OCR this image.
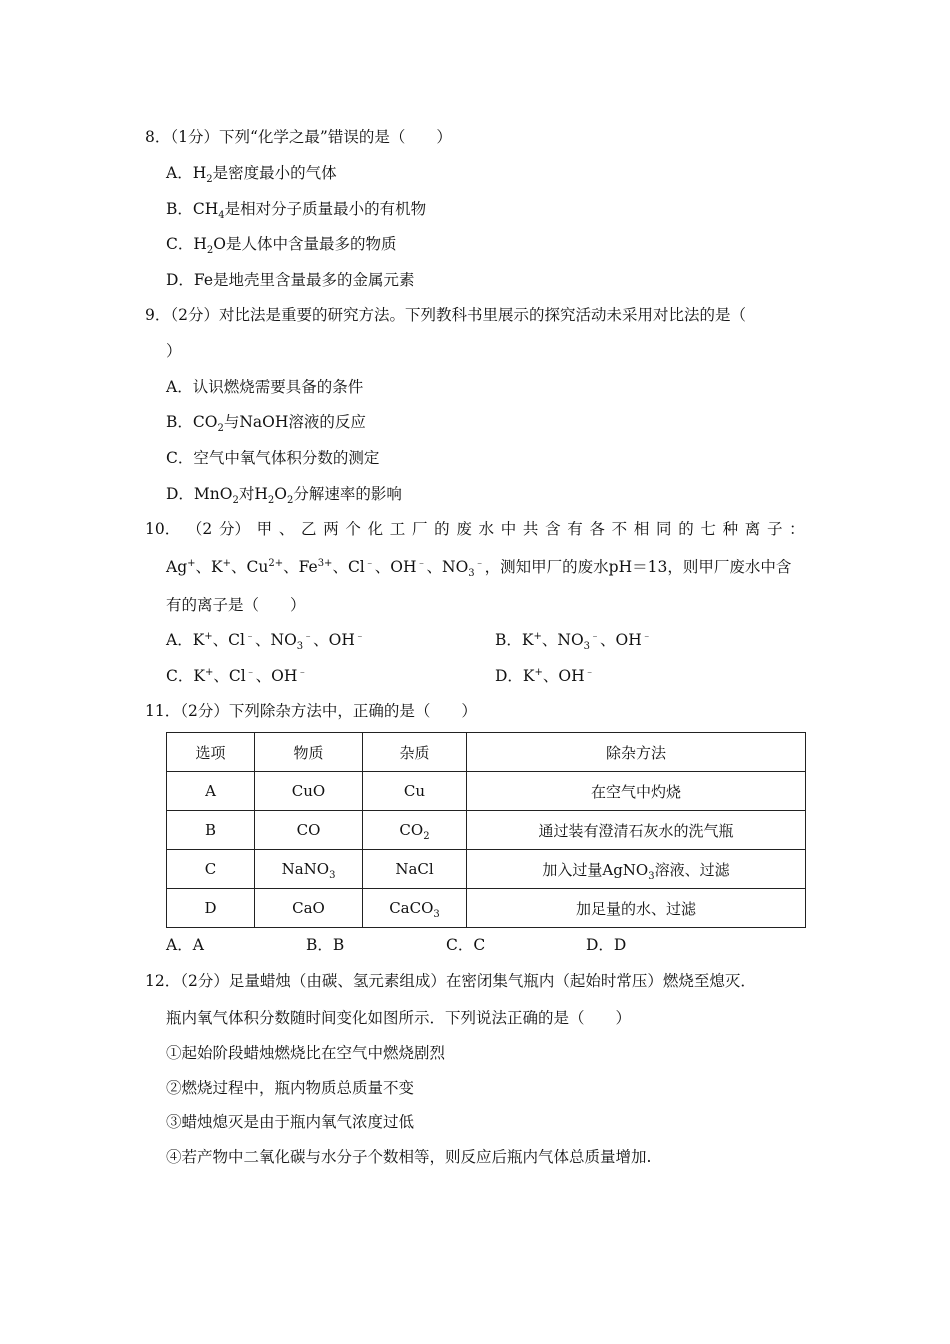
8．（1分）下列“化学之最”错误的是（　　）
A．$H_2$是密度最小的气体
B．$CH_4$是相对分子质量最小的有机物
C．$H_2O$是人体中含量最多的物质
D．Fe是地壳里含量最多的金属元素
9．（2分）对比法是重要的研究方法。下列教科书里展示的探究活动未采用对比法的是（
）
A．认识燃烧需要具备的条件
B．$CO_2$与NaOH溶液的反应
C．空气中氧气体积分数的测定
D．MnO$_2$对$H_2O_2$分解速率的影响
10． （2 分） 甲 、 乙 两 个 化 工 厂 的 废 水 中 共 含 有 各 不 相 同 的 七 种 离 子 ：
Ag+、K+、$Cu^{2+}$、$Fe^{3+}$、Cl﹣、OH﹣、$NO_3^﹣$，测知甲厂的废水pH＝13，则甲厂废水中含
有的离子是（　　）
A．K+、Cl﹣、$NO_3^﹣$、OH﹣	B．K+、$NO_3^﹣$、OH﹣
C．K+、Cl﹣、OH﹣	D．K+、OH﹣
11．（2分）下列除杂方法中，正确的是（　　）
选项	物质	杂质	除杂方法
A	CuO	Cu	在空气中灼烧
B	CO	$CO_2$	通过装有澄清石灰水的洗气瓶
C	NaNO$_3$	NaCl	加入过量AgNO$_3$溶液、过滤
D	CaO	CaCO$_3$	加足量的水、过滤
A．A	B．B	C．C	D．D
12．（2分）足量蜡烛（由碳、氢元素组成）在密闭集气瓶内（起始时常压）燃烧至熄灭．
瓶内氧气体积分数随时间变化如图所示．下列说法正确的是（　　）
①起始阶段蜡烛燃烧比在空气中燃烧剧烈
②燃烧过程中，瓶内物质总质量不变
③蜡烛熄灭是由于瓶内氧气浓度过低
④若产物中二氧化碳与水分子个数相等，则反应后瓶内气体总质量增加.
